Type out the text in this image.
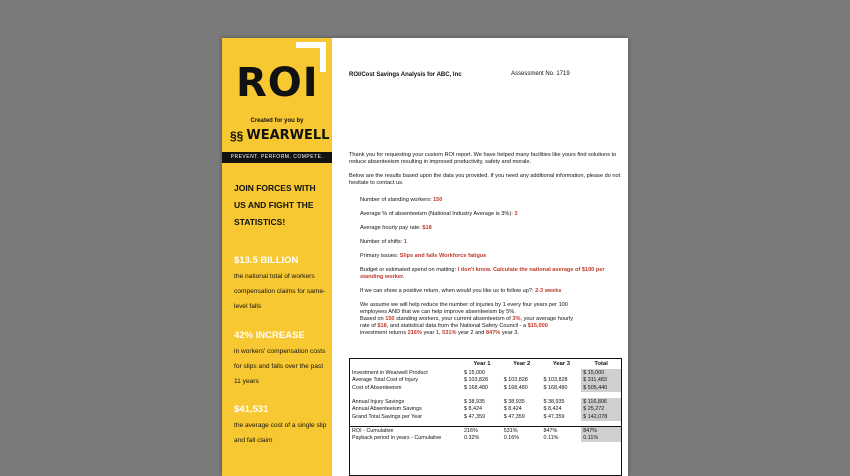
ROI
Created for you by
§§ WEARWELL
PREVENT. PERFORM. COMPETE.
JOIN FORCES WITH US AND FIGHT THE STATISTICS!
$13.5 BILLION
the national total of workers compensation claims for same-level falls
42% INCREASE
in workers' compensation costs for slips and falls over the past 11 years
$41,531
the average cost of a single slip and fall claim
ROI/Cost Savings Analysis for ABC, Inc	Assessment No. 1719
Thank you for requesting your custom ROI report. We have helped many facilities like yours find solutions to reduce absenteeism resulting in improved productivity, safety and morale.
Below are the results based upon the data you provided. If you need any additional information, please do not hesitate to contact us.
Number of standing workers: 150
Average % of absenteeism (National Industry Average is 3%): 3
Average hourly pay rate: $18
Number of shifts: 1
Primary issues: Slips and falls Workforce fatigue
Budget or estimated spend on matting: I don't know. Calculate the national average of $100 per standing worker.
If we can show a positive return, when would you like us to follow up?: 2-3 weeks
We assume we will help reduce the number of injuries by 1 every four years per 100 employees AND that we can help improve absenteeism by 5%.
Based on 150 standing workers, your current absenteeism of 3%, your average hourly rate of $18, and statistical data from the National Safety Council - a $15,000 investment returns 216% year 1, 531% year 2 and 847% year 3.
	Year 1	Year 2	Year 3	Total
Investment in Wearwell Product	$ 15,000			$ 15,000
Average Total Cost of Injury	$ 103,828	$ 103,828	$ 103,828	$ 311,483
Cost of Absenteeism	$ 168,480	$ 168,480	$ 168,480	$ 505,440

Annual Injury Savings	$ 38,935	$ 38,935	$ 38,935	$ 116,806
Annual Absenteeism Savings	$ 8,424	$ 8,424	$ 8,424	$ 25,272
Grand Total Savings per Year	$ 47,359	$ 47,359	$ 47,359	$ 142,078

ROI - Cumulative	216%	531%	847%	847%
Payback period in years - Cumulative	0.32%	0.16%	0.11%	0.11%
